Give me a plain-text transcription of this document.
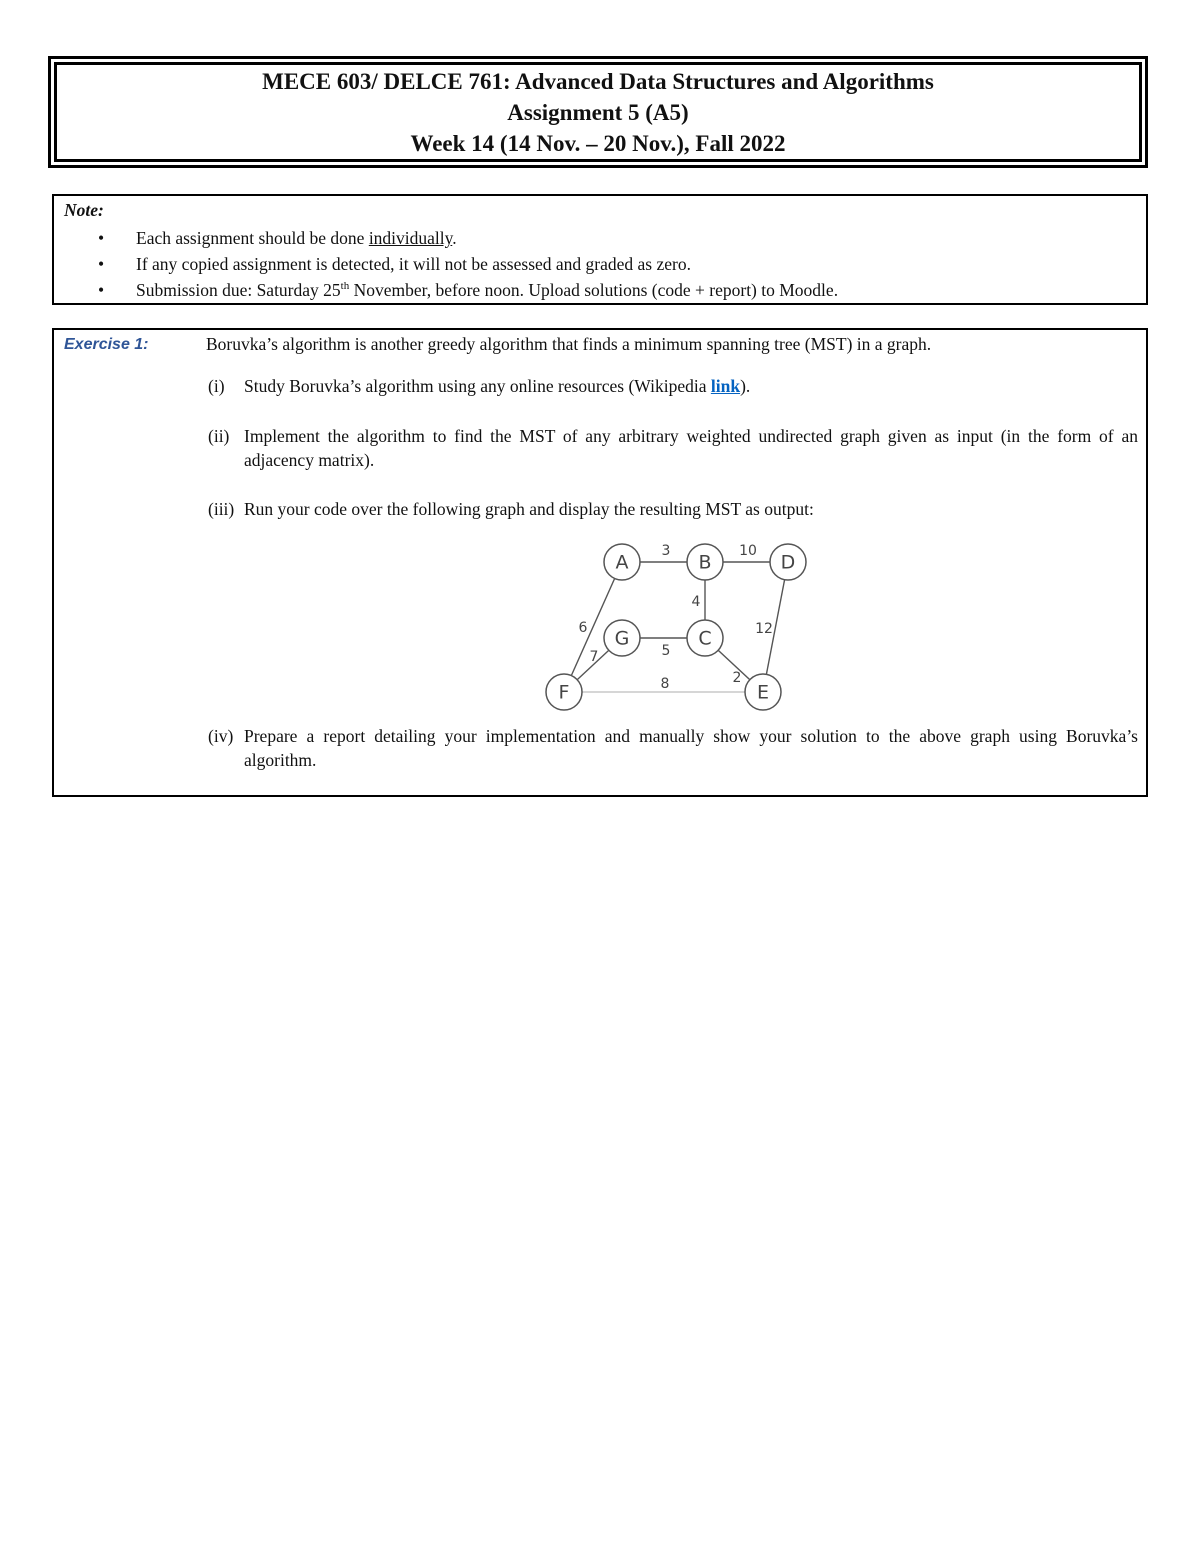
MECE 603/ DELCE 761: Advanced Data Structures and Algorithms
Assignment 5 (A5)
Week 14 (14 Nov. – 20 Nov.), Fall 2022
Note:
•	Each assignment should be done individually.
•	If any copied assignment is detected, it will not be assessed and graded as zero.
•	Submission due: Saturday 25th November, before noon. Upload solutions (code + report) to Moodle.
Exercise 1:	Boruvka’s algorithm is another greedy algorithm that finds a minimum spanning tree (MST) in a graph.
(i) Study Boruvka’s algorithm using any online resources (Wikipedia link).
(ii) Implement the algorithm to find the MST of any arbitrary weighted undirected graph given as input (in the form of an adjacency matrix).
(iii) Run your code over the following graph and display the resulting MST as output:
(iv) Prepare a report detailing your implementation and manually show your solution to the above graph using Boruvka’s algorithm.
3	10
4
6
5
7
12
2
8
A	B	D
G	C
F	E
